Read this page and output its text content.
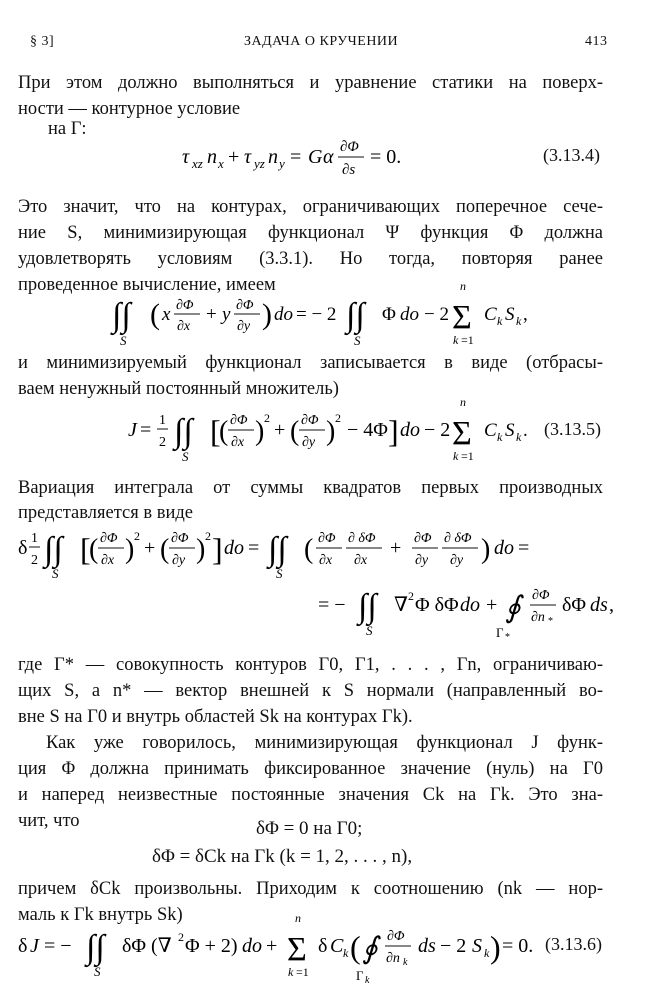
§ 3]	ЗАДАЧА О КРУЧЕНИИ	413
При этом должно выполняться и уравнение статики на поверх-
ности — контурное условие
на Г:
τ xz n x + τ yz n y = G α ∂Φ
∂s
= 0.	(3.13.4)
Это значит, что на контурах, ограничивающих поперечное сече-
ние S, минимизирующая функционал Ψ функция Φ должна
удовлетворять условиям (3.3.1). Но тогда, повторяя ранее
проведенное вычисление, имеем
∫∫
S
( x ∂Φ
∂x
+ y ∂Φ
∂y ) do = − 2 ∫∫
S
Φ do − 2
n
Σ
k =1
C k S k ,
и минимизируемый функционал записывается в виде (отбрасы-
ваем ненужный постоянный множитель)
J = 1
2 ∫∫
S
[
( ∂Φ
∂x ) 2
+ ( ∂Φ
∂y ) 2
− 4Φ ] do − 2
n
Σ
k =1
C k S k . (3.13.5)
Вариация интеграла от суммы квадратов первых производных
представляется в виде
δ 1
2 ∫∫
S
[
( ∂Φ
∂x ) 2
+ ( ∂Φ
∂y ) 2 ] do = ∫∫
S
( ∂Φ
∂x
∂ δΦ
∂x
+ ∂Φ
∂y
∂ δΦ
∂y ) do =
= − ∫∫
S
∇ 2 Φ δΦ do + ∮
Г *
∂Φ
∂n *
δΦ ds ,
где Г* — совокупность контуров Г0, Г1, . . . , Гn, ограничиваю-
щих S, а n* — вектор внешней к S нормали (направленный во-
вне S на Г0 и внутрь областей Sk на контурах Гk).
Как уже говорилось, минимизирующая функционал J функ-
ция Φ должна принимать фиксированное значение (нуль) на Г0
и наперед неизвестные постоянные значения Ck на Гk. Это зна-
чит, что	δΦ = 0 на Г0;
δΦ = δCk на Гk (k = 1, 2, . . . , n),
причем δCk произвольны. Приходим к соотношению (nk — нор-
маль к Гk внутрь Sk)
δ J = − ∫∫
S
δΦ (∇ 2 Φ + 2) do +
n
Σ
k =1
δ C k ( ∮
Г k
∂Φ
∂n k
ds − 2 S k ) = 0. (3.13.6)
